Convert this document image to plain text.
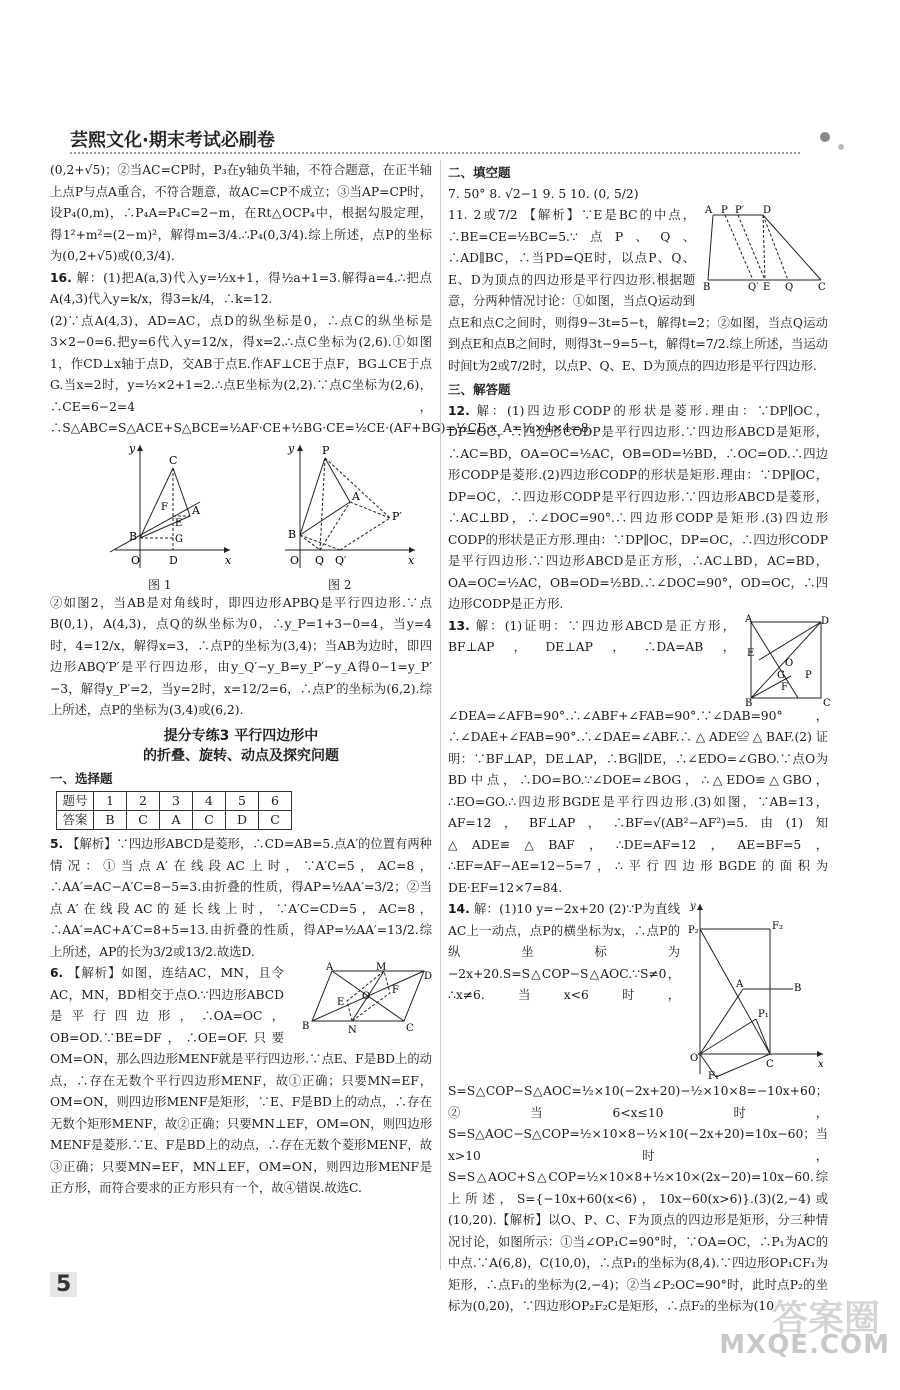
芸熙文化·期末考试必刷卷

(0,2+√5)；②当AC=CP时，P₃在y轴负半轴，不符合题意，在正半轴上点P与点A重合，不符合题意，故AC=CP不成立；③当AP=CP时，设P₄(0,m)，∴P₄A=P₄C=2−m，在Rt△OCP₄中，根据勾股定理，得1²+m²=(2−m)²，解得m=3/4.∴P₄(0,3/4).综上所述，点P的坐标为(0,2+√5)或(0,3/4).

16. 解：(1)把A(a,3)代入y=½x+1，得½a+1=3.解得a=4.∴把点A(4,3)代入y=k/x，得3=k/4，∴k=12.

(2)∵点A(4,3)，AD=AC，点D的纵坐标是0，∴点C的纵坐标是3×2−0=6.把y=6代入y=12/x，得x=2.∴点C坐标为(2,6).①如图1，作CD⊥x轴于点D，交AB于点E.作AF⊥CE于点F，BG⊥CE于点G.当x=2时，y=½×2+1=2.∴点E坐标为(2,2).∵点C坐标为(2,6)，∴CE=6−2=4，∴S△ABC=S△ACE+S△BCE=½AF·CE+½BG·CE=½CE·(AF+BG)=½CE·x_A=½×4×4=8.

C
A
F
E
G
B
O	D	x
y	P
A
P′
B
O Q Q′	x
y
图 1	图 2

②如图2，当AB是对角线时，即四边形APBQ是平行四边形.∵点B(0,1)，A(4,3)，点Q的纵坐标为0，∴y_P=1+3−0=4，当y=4时，4=12/x，解得x=3，∴点P的坐标为(3,4)；当AB为边时，即四边形ABQ′P′是平行四边形，由y_Q′−y_B=y_P′−y_A得0−1=y_P′−3，解得y_P′=2，当y=2时，x=12/2=6，∴点P′的坐标为(6,2).综上所述，点P的坐标为(3,4)或(6,2).

提分专练3 平行四边形中
的折叠、旋转、动点及探究问题
一、选择题
题号	1	2	3	4	5	6
答案	B	C	A	C	D	C

5. 【解析】∵四边形ABCD是菱形，∴CD=AB=5.点A′的位置有两种情况：①当点A′在线段AC上时，∵A′C=5，AC=8，∴AA′=AC−A′C=8−5=3.由折叠的性质，得AP=½AA′=3/2；②当点A′在线段AC的延长线上时，∵A′C=CD=5，AC=8，∴AA′=AC+A′C=8+5=13.由折叠的性质，得AP=½AA′=13/2.综上所述，AP的长为3/2或13/2.故选D.

A
B	C
D
E
F
O
M
N
6. 【解析】如图，连结AC，MN，且令AC，MN，BD相交于点O.∵四边形ABCD是平行四边形，∴OA=OC，OB=OD.∵BE=DF，∴OE=OF.只要OM=ON，那么四边形MENF就是平行四边形.∵点E、F是BD上的动点，∴存在无数个平行四边形MENF，故①正确；只要MN=EF，OM=ON，则四边形MENF是矩形，∵E、F是BD上的动点，∴存在无数个矩形MENF，故②正确；只要MN⊥EF，OM=ON，则四边形MENF是菱形.∵E、F是BD上的动点，∴存在无数个菱形MENF，故③正确；只要MN=EF，MN⊥EF，OM=ON，则四边形MENF是正方形，而符合要求的正方形只有一个，故④错误.故选C.

二、填空题

7. 50° 8. √2−1 9. 5 10. (0, 5/2)

A P P′ D
B	Q′ E Q C
11. 2或7/2 【解析】∵E是BC的中点，∴BE=CE=½BC=5.∵点P、Q、∴AD∥BC，∴当PD=QE时，以点P、Q、E、D为顶点的四边形是平行四边形.根据题意，分两种情况讨论：①如图，当点Q运动到点E和点C之间时，则得9−3t=5−t，解得t=2；②如图，当点Q运动到点E和点B之间时，则得3t−9=5−t，解得t=7/2.综上所述，当运动时间t为2或7/2时，以点P、Q、E、D为顶点的四边形是平行四边形.

三、解答题

12. 解：(1)四边形CODP的形状是菱形.理由：∵DP∥OC，DP=OC，∴四边形CODP是平行四边形.∵四边形ABCD是矩形，∴AC=BD，OA=OC=½AC，OB=OD=½BD，∴OC=OD.∴四边形CODP是菱形.(2)四边形CODP的形状是矩形.理由：∵DP∥OC，DP=OC，∴四边形CODP是平行四边形.∵四边形ABCD是菱形，∴AC⊥BD，∴∠DOC=90°.∴四边形CODP是矩形.(3)四边形CODP的形状是正方形.理由：∵DP∥OC，DP=OC，∴四边形CODP是平行四边形.∵四边形ABCD是正方形，∴AC⊥BD，AC=BD，OA=OC=½AC，OB=OD=½BD.∴∠DOC=90°，OD=OC，∴四边形CODP是正方形.

A	D
B	C
E
G
O
F
P
13. 解：(1)证明：∵四边形ABCD是正方形，BF⊥AP，DE⊥AP，∴DA=AB，∠DEA=∠AFB=90°.∴∠ABF+∠FAB=90°.∵∠DAB=90°，∴∠DAE+∠FAB=90°.∴∠DAE=∠ABF.∴△ADE≌△BAF.(2)证明：∵BF⊥AP，DE⊥AP，∴BG∥DE，∴∠EDO=∠GBO.∵点O为BD中点，∴DO=BO.∵∠DOE=∠BOG，∴△EDO≌△GBO，∴EO=GO.∴四边形BGDE是平行四边形.(3)如图，∵AB=13，AF=12，BF⊥AP，∴BF=√(AB²−AF²)=5.由(1)知△ADE≌△BAF，∴DE=AF=12，AE=BF=5，∴EF=AF−AE=12−5=7，∴平行四边形BGDE的面积为DE·EF=12×7=84.

y
P₂	F₂
A	B
P₁
O
C	x
F₁
14. 解：(1)10 y=−2x+20 (2)∵P为直线AC上一动点，点P的横坐标为x，∴点P的纵坐标为−2x+20.S=S△COP−S△AOC.∵S≠0，∴x≠6.当x<6时，S=S△COP−S△AOC=½×10(−2x+20)−½×10×8=−10x+60；②当6<x≤10时，S=S△AOC−S△COP=½×10×8−½×10(−2x+20)=10x−60；当x>10时，S=S△AOC+S△COP=½×10×8+½×10×(2x−20)=10x−60.综上所述，S={−10x+60(x<6)，10x−60(x>6)}.(3)(2,−4)或(10,20).【解析】以O、P、C、F为顶点的四边形是矩形，分三种情况讨论，如图所示：①当∠OP₁C=90°时，∵OA=OC，∴P₁为AC的中点.∵A(6,8)，C(10,0)，∴点P₁的坐标为(8,4).∵四边形OP₁CF₁为矩形，∴点F₁的坐标为(2,−4)；②当∠P₂OC=90°时，此时点P₂的坐标为(0,20)，∵四边形OP₂F₂C是矩形，∴点F₂的坐标为(10,

5
答案圈
MXQE.COM
